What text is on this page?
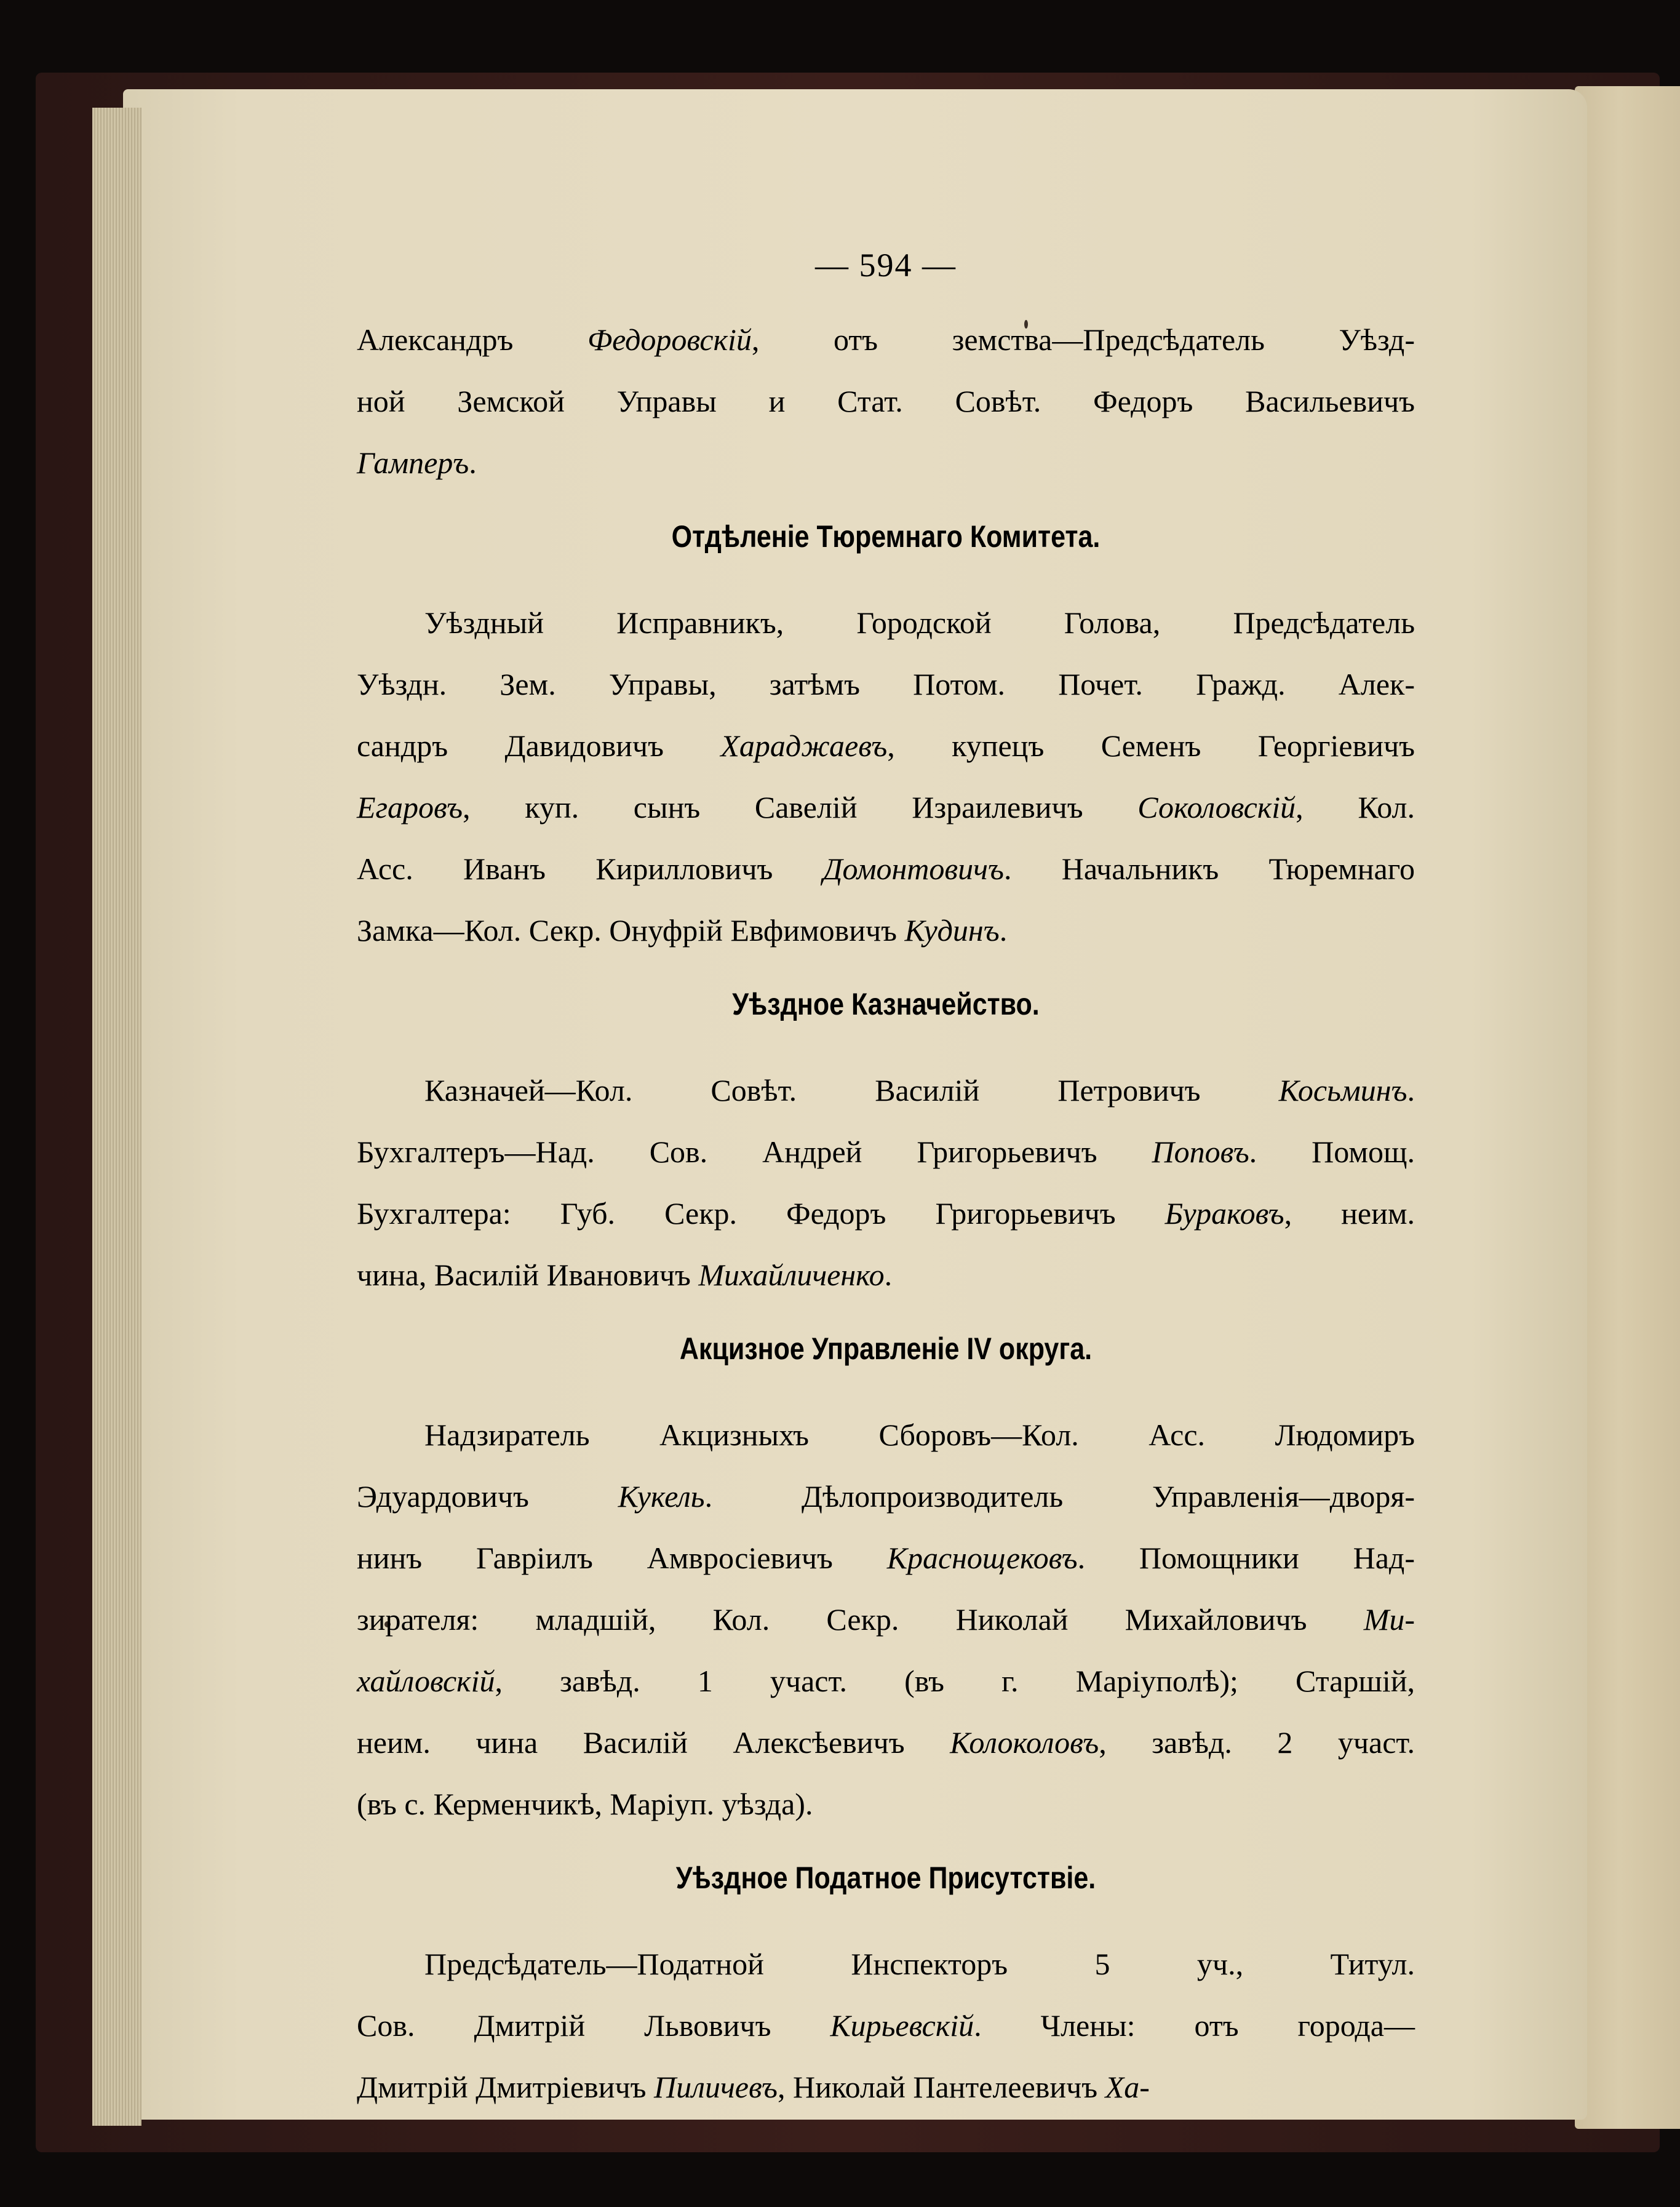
— 594 —
Александръ Федоровскій, отъ земства—Предсѣдатель Уѣзд-
ной Земской Управы и Стат. Совѣт. Федоръ Васильевичъ
Гамперъ.
Отдѣленіе Тюремнаго Комитета.
Уѣздный Исправникъ, Городской Голова, Предсѣдатель
Уѣздн. Зем. Управы, затѣмъ Потом. Почет. Гражд. Алек-
сандръ Давидовичъ Хараджаевъ, купецъ Семенъ Георгіевичъ
Егаровъ, куп. сынъ Савелій Израилевичъ Соколовскій, Кол.
Асс. Иванъ Кирилловичъ Домонтовичъ. Начальникъ Тюремнаго
Замка—Кол. Секр. Онуфрій Евфимовичъ Кудинъ.
Уѣздное Казначейство.
Казначей—Кол. Совѣт. Василій Петровичъ Косьминъ.
Бухгалтеръ—Над. Сов. Андрей Григорьевичъ Поповъ. Помощ.
Бухгалтера: Губ. Секр. Федоръ Григорьевичъ Бураковъ, неим.
чина, Василій Ивановичъ Михайличенко.
Акцизное Управленіе IV округа.
Надзиратель Акцизныхъ Сборовъ—Кол. Асс. Людомиръ
Эдуардовичъ Кукель. Дѣлопроизводитель Управленія—дворя-
нинъ Гаврiилъ Амвросіевичъ Краснощековъ. Помощники Над-
зирателя: младшій, Кол. Секр. Николай Михайловичъ Ми-
хайловскій, завѣд. 1 участ. (въ г. Маріуполѣ); Старшій,
неим. чина Василій Алексѣевичъ Колоколовъ, завѣд. 2 участ.
(въ с. Керменчикѣ, Маріуп. уѣзда).
Уѣздное Податное Присутствіе.
Предсѣдатель—Податной Инспекторъ 5 уч., Титул.
Сов. Дмитрій Львовичъ Кирьевскій. Члены: отъ города—
Дмитрій Дмитріевичъ Пиличевъ, Николай Пантелеевичъ Ха-
